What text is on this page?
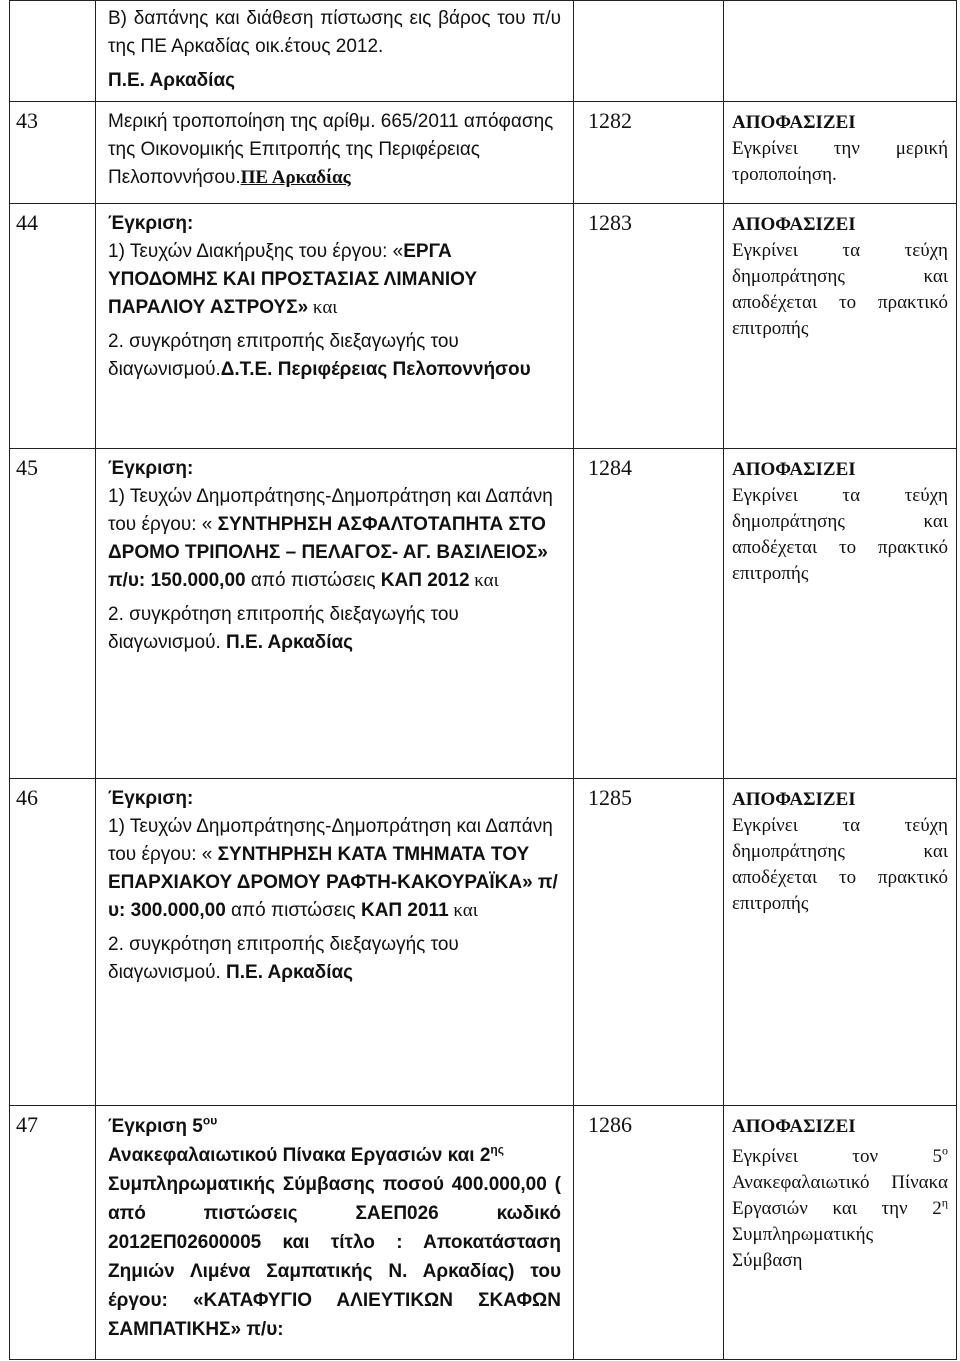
	Β) δαπάνης και διάθεση πίστωσης εις βάρος του π/υ της ΠΕ Αρκαδίας οικ.έτους 2012.
Π.Ε. Αρκαδίας		

43	Μερική τροποποίηση της αρίθμ. 665/2011 απόφασης της Οικονομικής Επιτροπής της Περιφέρειας Πελοποννήσου.ΠΕ Αρκαδίας	1282	ΑΠΟΦΑΣΙΖΕΙ
Εγκρίνει την μερική τροποποίηση.
44	Έγκριση:
1) Τευχών Διακήρυξης του έργου: «ΕΡΓΑ ΥΠΟΔΟΜΗΣ ΚΑΙ ΠΡΟΣΤΑΣΙΑΣ ΛΙΜΑΝΙΟΥ ΠΑΡΑΛΙΟΥ ΑΣΤΡΟΥΣ» και
2. συγκρότηση επιτροπής διεξαγωγής του διαγωνισμού.Δ.Τ.Ε. Περιφέρειας Πελοποννήσου	1283	ΑΠΟΦΑΣΙΖΕΙ
Εγκρίνει τα τεύχη δημοπράτησης και αποδέχεται το πρακτικό επιτροπής
45	Έγκριση:
1) Τευχών Δημοπράτησης-Δημοπράτηση και Δαπάνη του έργου: « ΣΥΝΤΗΡΗΣΗ ΑΣΦΑΛΤΟΤΑΠΗΤΑ ΣΤΟ ΔΡΟΜΟ ΤΡΙΠΟΛΗΣ – ΠΕΛΑΓΟΣ- ΑΓ. ΒΑΣΙΛΕΙΟΣ» π/υ: 150.000,00 από πιστώσεις ΚΑΠ 2012 και
2. συγκρότηση επιτροπής διεξαγωγής του διαγωνισμού. Π.Ε. Αρκαδίας	1284	ΑΠΟΦΑΣΙΖΕΙ
Εγκρίνει τα τεύχη δημοπράτησης και αποδέχεται το πρακτικό επιτροπής
46	Έγκριση:
1) Τευχών Δημοπράτησης-Δημοπράτηση και Δαπάνη του έργου: « ΣΥΝΤΗΡΗΣΗ ΚΑΤΑ ΤΜΗΜΑΤΑ ΤΟΥ ΕΠΑΡΧΙΑΚΟΥ ΔΡΟΜΟΥ ΡΑΦΤΗ-ΚΑΚΟΥΡΑΪΚΑ» π/υ: 300.000,00 από πιστώσεις ΚΑΠ 2011 και
2. συγκρότηση επιτροπής διεξαγωγής του διαγωνισμού. Π.Ε. Αρκαδίας	1285	ΑΠΟΦΑΣΙΖΕΙ
Εγκρίνει τα τεύχη δημοπράτησης και αποδέχεται το πρακτικό επιτροπής
47	Έγκριση $5^{o\upsilon}$
Ανακεφαλαιωτικού Πίνακα Εργασιών και $2^{\eta\varsigma}$
Συμπληρωματικής Σύμβασης ποσού 400.000,00 ( από πιστώσεις ΣΑΕΠ026 κωδικό 2012ΕΠ02600005 και τίτλο : Αποκατάσταση Ζημιών Λιμένα Σαμπατικής Ν. Αρκαδίας) του έργου: «ΚΑΤΑΦΥΓΙΟ ΑΛΙΕΥΤΙΚΩΝ ΣΚΑΦΩΝ ΣΑΜΠΑΤΙΚΗΣ» π/υ:	1286	ΑΠΟΦΑΣΙΖΕΙ
Εγκρίνει τον $5^o$ Ανακεφαλαιωτικό Πίνακα Εργασιών και την $2^\eta$ Συμπληρωματικής Σύμβαση
